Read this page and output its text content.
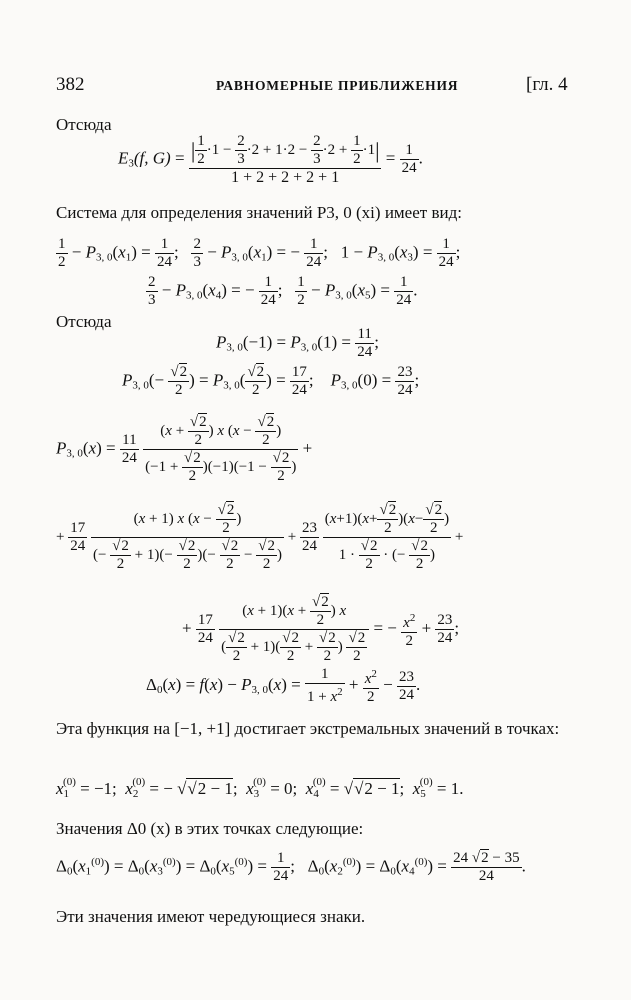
382	РАВНОМЕРНЫЕ ПРИБЛИЖЕНИЯ	[гл. 4
Отсюда
$E_3(f$, $G) = \frac{| \frac{1}{2} \cdot 1 - \frac{2}{3} \cdot 2 + 1\cdot 2 - \frac{2}{3} \cdot 2 + \frac{1}{2} \cdot 1|}{1 + 2 + 2 + 2 + 1} = \frac{1}{24}$ .
Система для определения значений P3, 0 (xi) имеет вид:
$\frac{1}{2} - P_{3, 0}(x_1) = \frac{1}{24}$ ; $\frac{2}{3} - P_{3, 0}(x_1)$ = − $\frac{1}{24}$ ;   $1 - P_{3, 0}(x_3) = \frac{1}{24}$ ;
$\frac{2}{3} - P_{3, 0}(x_4)$ = − $\frac{1}{24}$ ; $\frac{1}{2} - P_{3, 0}(x_5) = \frac{1}{24}$ .
Отсюда
$P_{3, 0}(-1) = P_{3, 0}(1) = \frac{11}{24}$ ;
$P_{3, 0}(- \frac{√2}{2}$ ) = $P_{3, 0}( \frac{√2}{2}$ ) = $\frac{17}{24}$ ;    $P_{3, 0}(0) = \frac{23}{24}$ ;
$P_{3, 0}(x) = \frac{11}{24}$
$\frac{(x + \frac{√2}{2} ) x (x - \frac{√2}{2} )}{(-1 + \frac{√2}{2} )(-1)(-1 - \frac{√2}{2} )}$ +
+ $\frac{17}{24}$
$\frac{(x + 1) x (x - \frac{√2}{2} )}{(- \frac{√2}{2} + 1)(- \frac{√2}{2} )(- \frac{√2}{2} - \frac{√2}{2} )} + \frac{23}{24}$
$\frac{(x+1)(x+ \frac{√2}{2} )(x- \frac{√2}{2} )}{1 \cdot \frac{√2}{2} \cdot (- \frac{√2}{2} )}$ +
+ $\frac{17}{24}$
$\frac{(x + 1)(x + \frac{√2}{2} ) x}{( \frac{√2}{2} + 1)( \frac{√2}{2} + \frac{√2}{2} ) \frac{√2}{2}}$ = − $\frac{x^2}{2} + \frac{23}{24}$ ;
$\Delta_0(x) = f(x) - P_{3, 0}(x) = \frac{1}{1 + x^2} + \frac{x^2}{2} - \frac{23}{24}$ .
Эта функция на [−1, +1] достигает экстремальных значений в точках:
$x_1^{(0)} = -1$;  $x_2^{(0)}$ = − √√2 − 1;  $x_3^{(0)} = 0$;  $x_4^{(0)} = √√2 - 1$;  $x_5^{(0)} = 1$.
Значения Δ0 (x) в этих точках следующие:
$\Delta_0(x_1^{(0)}) = \Delta_0(x_3^{(0)}) = \Delta_0(x_5^{(0)}) = \frac{1}{24}$ ;   $\Delta_0(x_2^{(0)}) = \Delta_0(x_4^{(0)}) = \frac{24 √2 - 35}{24}$ .
Эти значения имеют чередующиеся знаки.
